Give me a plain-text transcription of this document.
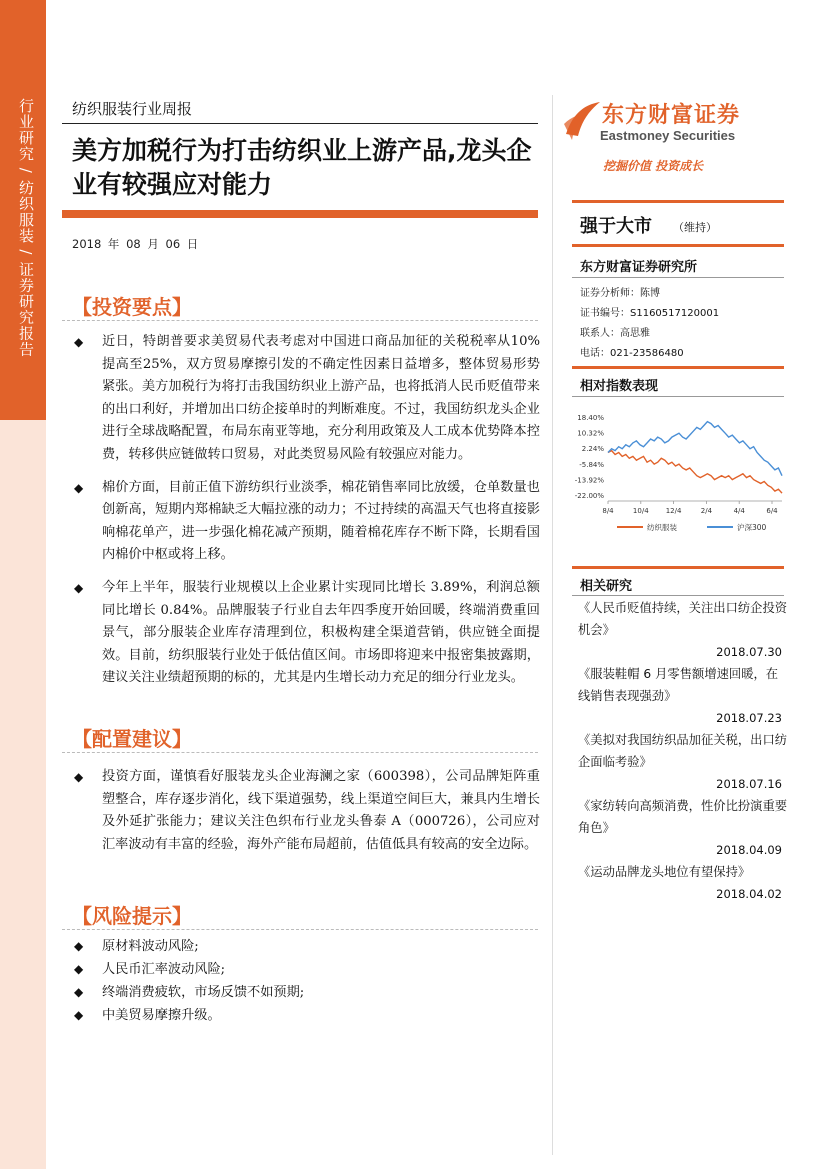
行业研究 / 纺织服装 / 证券研究报告 纺织服装行业周报
美方加税行为打击纺织业上游产品,龙头企业有较强应对能力
2018 年 08 月 06 日
【投资要点】
◆ 近日，特朗普要求美贸易代表考虑对中国进口商品加征的关税税率从10%提高至25%，双方贸易摩擦引发的不确定性因素日益增多，整体贸易形势紧张。美方加税行为将打击我国纺织业上游产品，也将抵消人民币贬值带来的出口利好，并增加出口纺企接单时的判断难度。不过，我国纺织龙头企业进行全球战略配置，布局东南亚等地，充分利用政策及人工成本优势降本控费，转移供应链做转口贸易，对此类贸易风险有较强应对能力。
◆ 棉价方面，目前正值下游纺织行业淡季，棉花销售率同比放缓，仓单数量也创新高，短期内郑棉缺乏大幅拉涨的动力；不过持续的高温天气也将直接影响棉花单产，进一步强化棉花减产预期，随着棉花库存不断下降，长期看国内棉价中枢或将上移。
◆ 今年上半年，服装行业规模以上企业累计实现同比增长 3.89%，利润总额同比增长 0.84%。品牌服装子行业自去年四季度开始回暖，终端消费重回景气，部分服装企业库存清理到位，积极构建全渠道营销，供应链全面提效。目前，纺织服装行业处于低估值区间。市场即将迎来中报密集披露期，建议关注业绩超预期的标的，尤其是内生增长动力充足的细分行业龙头。
【配置建议】
◆ 投资方面，谨慎看好服装龙头企业海澜之家（600398），公司品牌矩阵重塑整合，库存逐步消化，线下渠道强势，线上渠道空间巨大，兼具内生增长及外延扩张能力；建议关注色织布行业龙头鲁泰 A（000726），公司应对汇率波动有丰富的经验，海外产能布局超前，估值低具有较高的安全边际。
【风险提示】
◆ 原材料波动风险;
◆ 人民币汇率波动风险;
◆ 终端消费疲软，市场反馈不如预期;
◆ 中美贸易摩擦升级。
东方财富证券
Eastmoney Securities
挖掘价值 投资成长
强于大市 （维持）
东方财富证券研究所
证券分析师：陈博
证书编号：S1160517120001
联系人：高思雅
电话：021-23586480
相对指数表现
18.40%
10.32%
2.24%
-5.84%
-13.92%
-22.00%
8/4	10/4 12/4	2/4	4/4	6/4
纺织服装	沪深300
相关研究
《人民币贬值持续，关注出口纺企投资机会》
2018.07.30
《服装鞋帽 6 月零售额增速回暖，在线销售表现强劲》
2018.07.23
《美拟对我国纺织品加征关税，出口纺企面临考验》
2018.07.16
《家纺转向高频消费，性价比扮演重要角色》
2018.04.09
《运动品牌龙头地位有望保持》
2018.04.02
